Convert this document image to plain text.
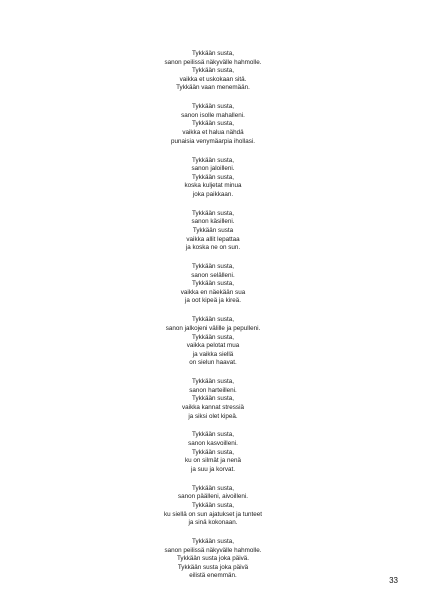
Tykkään susta,
sanon peilissä näkyvälle hahmolle.
Tykkään susta,
vaikka et uskokaan sitä.
Tykkään vaan menemään.
Tykkään susta,
sanon isolle mahalleni.
Tykkään susta,
vaikka et halua nähdä
punaisia venymäarpia ihollasi.
Tykkään susta,
sanon jaloilleni.
Tykkään susta,
koska kuljetat minua
joka paikkaan.
Tykkään susta,
sanon käsilleni.
Tykkään susta
vaikka allit lepattaa
ja koska ne on sun.
Tykkään susta,
sanon selälleni.
Tykkään susta,
vaikka en näekään sua
ja oot kipeä ja kireä.
Tykkään susta,
sanon jalkojeni välille ja pepulleni.
Tykkään susta,
vaikka pelotat mua
ja vaikka siellä
on sielun haavat.
Tykkään susta,
sanon harteilleni.
Tykkään susta,
vaikka kannat stressiä
ja siksi olet kipeä.
Tykkään susta,
sanon kasvoilleni.
Tykkään susta,
ku on silmät ja nenä
ja suu ja korvat.
Tykkään susta,
sanon päälleni, aivoilleni.
Tykkään susta,
ku siellä on sun ajatukset ja tunteet
ja sinä kokonaan.
Tykkään susta,
sanon peilissä näkyvälle hahmolle.
Tykkään susta joka päivä.
Tykkään susta joka päivä
eilistä enemmän.
33
